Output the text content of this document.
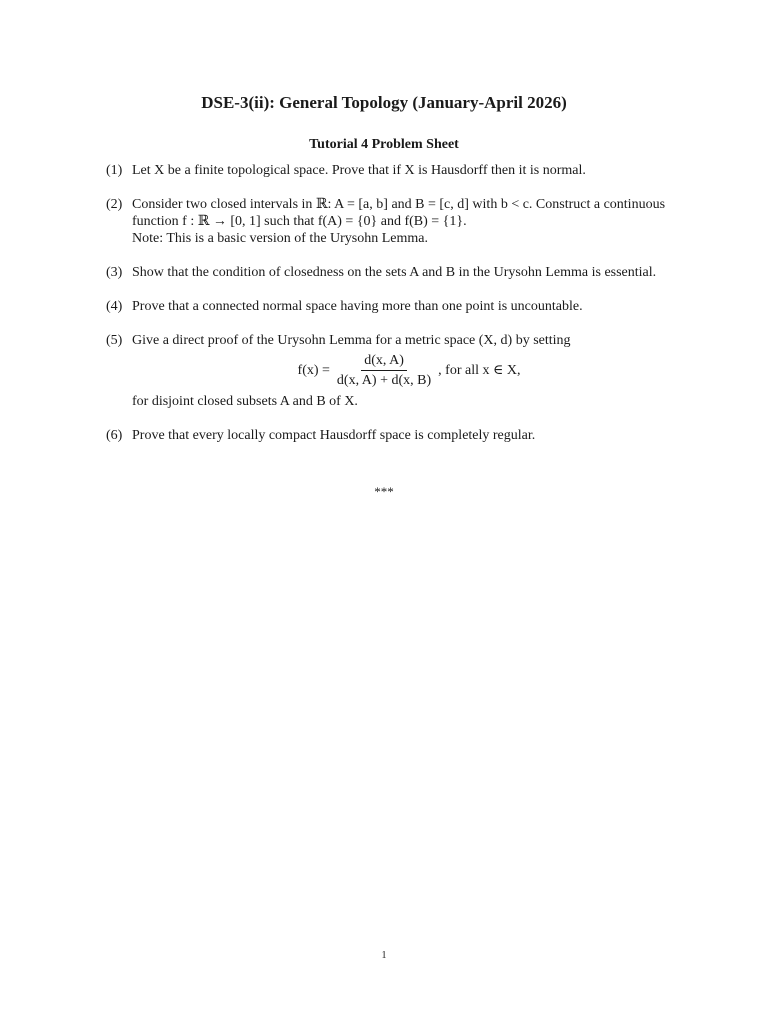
DSE-3(ii): General Topology (January-April 2026)
Tutorial 4 Problem Sheet
(1) Let X be a finite topological space. Prove that if X is Hausdorff then it is normal.
(2) Consider two closed intervals in ℝ: A = [a, b] and B = [c, d] with b < c. Construct a continuous function f : ℝ → [0, 1] such that f(A) = {0} and f(B) = {1}.
Note: This is a basic version of the Urysohn Lemma.
(3) Show that the condition of closedness on the sets A and B in the Urysohn Lemma is essential.
(4) Prove that a connected normal space having more than one point is uncountable.
(5) Give a direct proof of the Urysohn Lemma for a metric space (X, d) by setting
$f(x) = \frac{d(x, A)}{d(x, A) + d(x, B)}$ , for all x ∈ X,
for disjoint closed subsets A and B of X.
(6) Prove that every locally compact Hausdorff space is completely regular.
***
1
